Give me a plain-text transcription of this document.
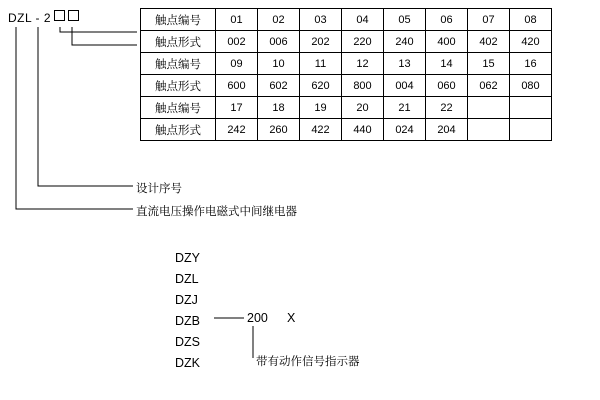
DZL - 2	触点编号	01	02	03	04	05	06	07	08
触点形式	002	006	202	220	240	400	402	420
触点编号	09	10	11	12	13	14	15	16
触点形式	600	602	620	800	004	060	062	080
触点编号	17	18	19	20	21	22		
触点形式	242	260	422	440	024	204		
设计序号
直流电压操作电磁式中间继电器
DZY
DZL
DZJ
DZB
DZS
DZK
200 X
带有动作信号指示器
